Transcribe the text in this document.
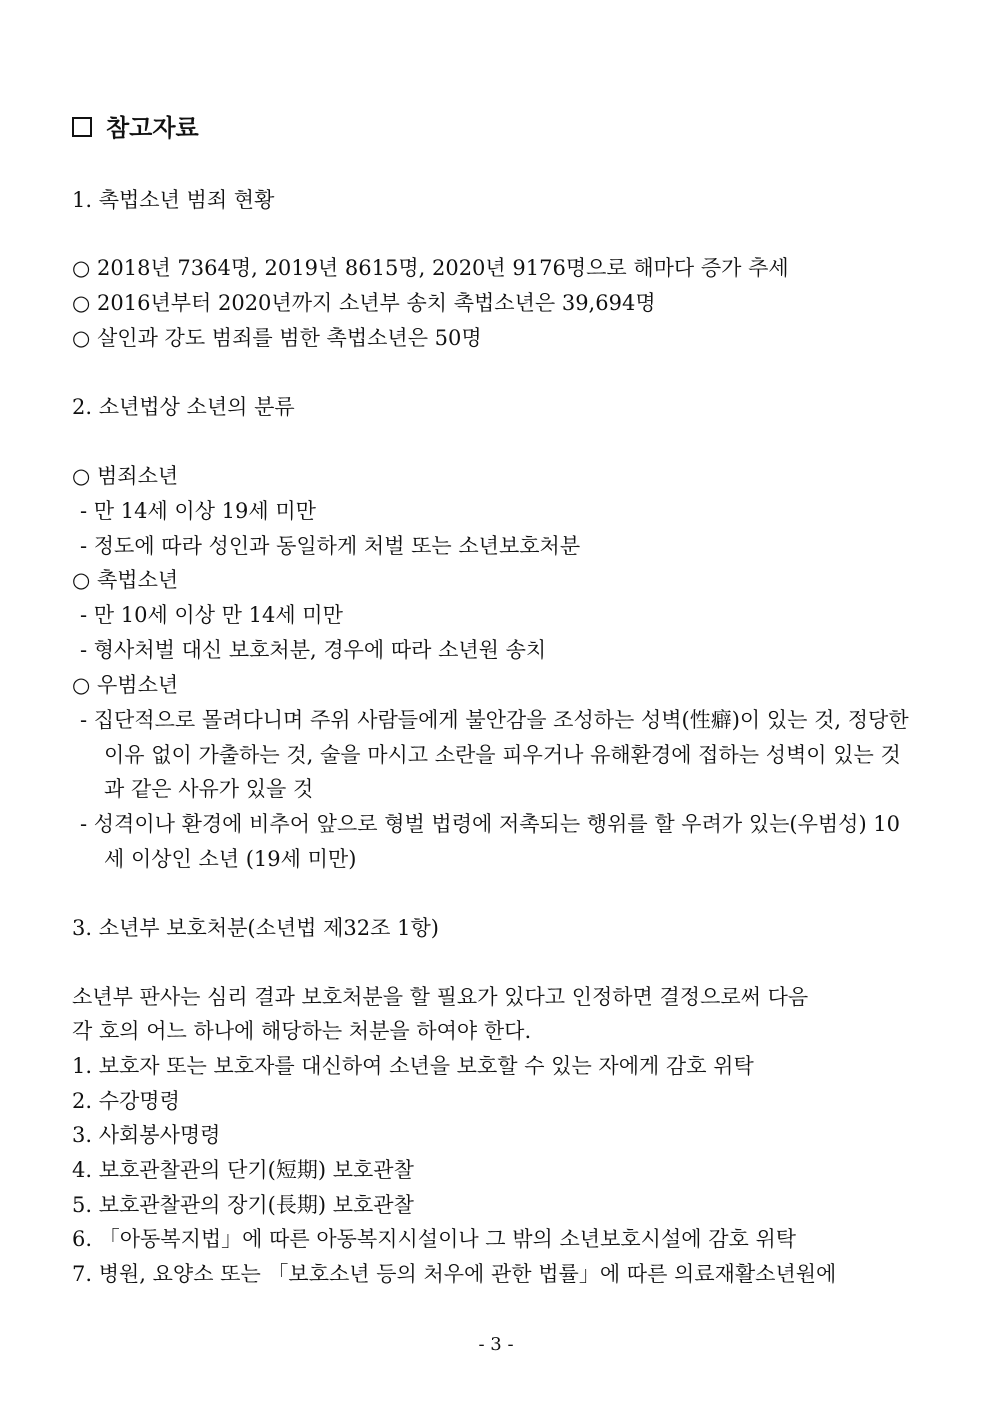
참고자료
1. 촉법소년 범죄 현황
○ 2018년 7364명, 2019년 8615명, 2020년 9176명으로 해마다 증가 추세
○ 2016년부터 2020년까지 소년부 송치 촉법소년은 39,694명
○ 살인과 강도 범죄를 범한 촉법소년은 50명
2. 소년법상 소년의 분류
○ 범죄소년
- 만 14세 이상 19세 미만
- 정도에 따라 성인과 동일하게 처벌 또는 소년보호처분
○ 촉법소년
- 만 10세 이상 만 14세 미만
- 형사처벌 대신 보호처분, 경우에 따라 소년원 송치
○ 우범소년
- 집단적으로 몰려다니며 주위 사람들에게 불안감을 조성하는 성벽(性癖)이 있는 것, 정당한
이유 없이 가출하는 것, 술을 마시고 소란을 피우거나 유해환경에 접하는 성벽이 있는 것
과 같은 사유가 있을 것
- 성격이나 환경에 비추어 앞으로 형벌 법령에 저촉되는 행위를 할 우려가 있는(우범성) 10
세 이상인 소년 (19세 미만)
3. 소년부 보호처분(소년법 제32조 1항)
소년부 판사는 심리 결과 보호처분을 할 필요가 있다고 인정하면 결정으로써 다음
각 호의 어느 하나에 해당하는 처분을 하여야 한다.
1. 보호자 또는 보호자를 대신하여 소년을 보호할 수 있는 자에게 감호 위탁
2. 수강명령
3. 사회봉사명령
4. 보호관찰관의 단기(短期) 보호관찰
5. 보호관찰관의 장기(長期) 보호관찰
6. 「아동복지법」에 따른 아동복지시설이나 그 밖의 소년보호시설에 감호 위탁
7. 병원, 요양소 또는 「보호소년 등의 처우에 관한 법률」에 따른 의료재활소년원에
- 3 -
